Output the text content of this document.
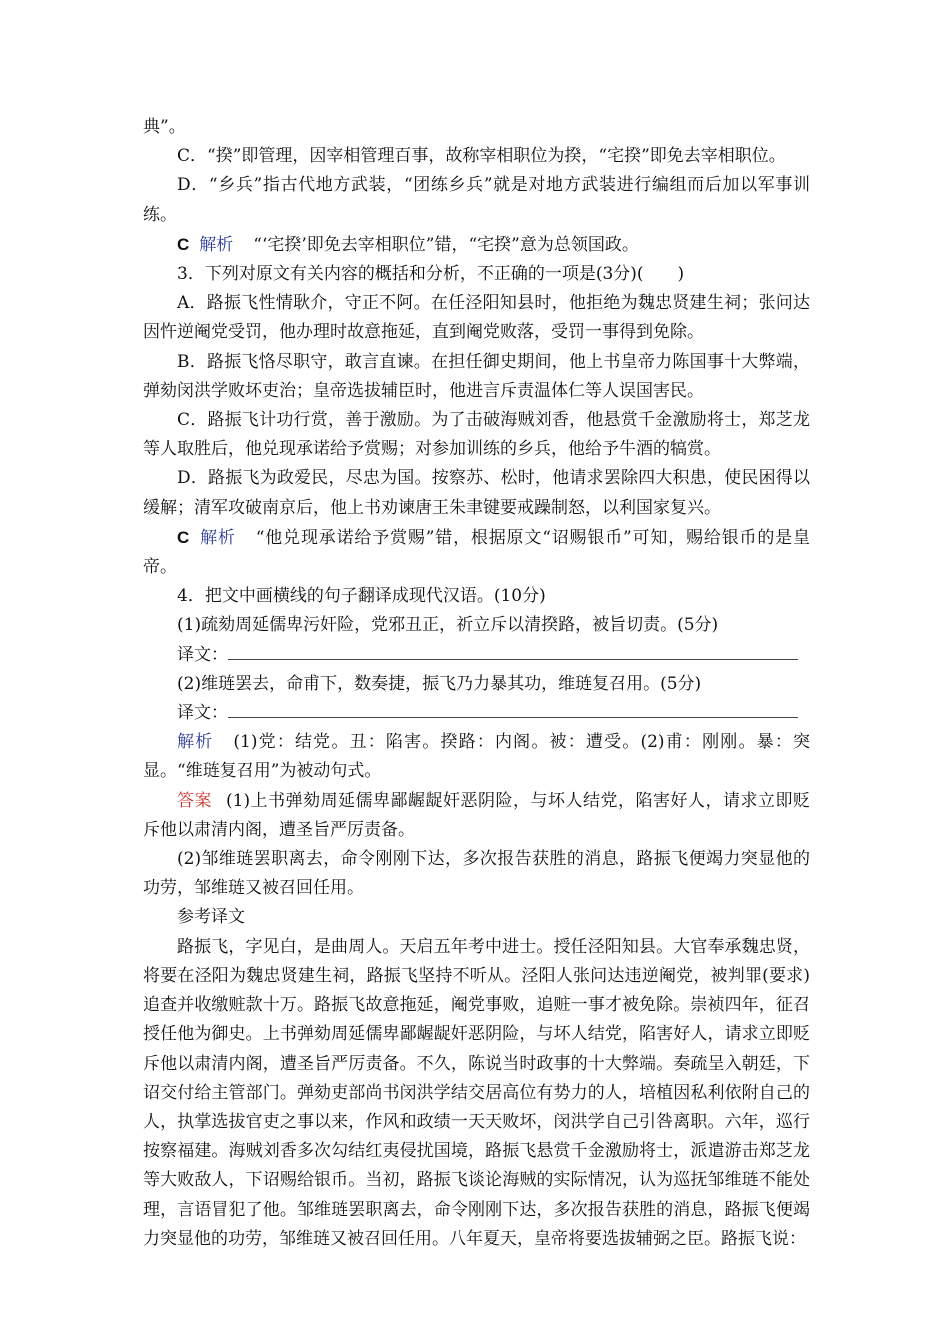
典”。

C．“揆”即管理，因宰相管理百事，故称宰相职位为揆，“宅揆”即免去宰相职位。

D．“乡兵”指古代地方武装，“团练乡兵”就是对地方武装进行编组而后加以军事训练。

C 解析 “‘宅揆’即免去宰相职位”错，“宅揆”意为总领国政。

3．下列对原文有关内容的概括和分析，不正确的一项是(3分)(　　)

A．路振飞性情耿介，守正不阿。在任泾阳知县时，他拒绝为魏忠贤建生祠；张问达因忤逆阉党受罚，他办理时故意拖延，直到阉党败落，受罚一事得到免除。

B．路振飞恪尽职守，敢言直谏。在担任御史期间，他上书皇帝力陈国事十大弊端，弹劾闵洪学败坏吏治；皇帝选拔辅臣时，他进言斥责温体仁等人误国害民。

C．路振飞计功行赏，善于激励。为了击破海贼刘香，他悬赏千金激励将士，郑芝龙等人取胜后，他兑现承诺给予赏赐；对参加训练的乡兵，他给予牛酒的犒赏。

D．路振飞为政爱民，尽忠为国。按察苏、松时，他请求罢除四大积患，使民困得以缓解；清军攻破南京后，他上书劝谏唐王朱聿键要戒躁制怒，以利国家复兴。

C 解析 “他兑现承诺给予赏赐”错，根据原文“诏赐银币”可知，赐给银币的是皇帝。

4．把文中画横线的句子翻译成现代汉语。(10分)

(1)疏劾周延儒卑污奸险，党邪丑正，祈立斥以清揆路，被旨切责。(5分)

译文：

(2)维琏罢去，命甫下，数奏捷，振飞乃力暴其功，维琏复召用。(5分)

译文：

解析 (1)党：结党。丑：陷害。揆路：内阁。被：遭受。(2)甫：刚刚。暴：突显。“维琏复召用”为被动句式。

答案 (1)上书弹劾周延儒卑鄙龌龊奸恶阴险，与坏人结党，陷害好人，请求立即贬斥他以肃清内阁，遭圣旨严厉责备。

(2)邹维琏罢职离去，命令刚刚下达，多次报告获胜的消息，路振飞便竭力突显他的功劳，邹维琏又被召回任用。

参考译文

路振飞，字见白，是曲周人。天启五年考中进士。授任泾阳知县。大官奉承魏忠贤，将要在泾阳为魏忠贤建生祠，路振飞坚持不听从。泾阳人张问达违逆阉党，被判罪(要求)追查并收缴赃款十万。路振飞故意拖延，阉党事败，追赃一事才被免除。崇祯四年，征召授任他为御史。上书弹劾周延儒卑鄙龌龊奸恶阴险，与坏人结党，陷害好人，请求立即贬斥他以肃清内阁，遭圣旨严厉责备。不久，陈说当时政事的十大弊端。奏疏呈入朝廷，下诏交付给主管部门。弹劾吏部尚书闵洪学结交居高位有势力的人，培植因私利依附自己的人，执掌选拔官吏之事以来，作风和政绩一天天败坏，闵洪学自己引咎离职。六年，巡行按察福建。海贼刘香多次勾结红夷侵扰国境，路振飞悬赏千金激励将士，派遣游击郑芝龙等大败敌人，下诏赐给银币。当初，路振飞谈论海贼的实际情况，认为巡抚邹维琏不能处理，言语冒犯了他。邹维琏罢职离去，命令刚刚下达，多次报告获胜的消息，路振飞便竭力突显他的功劳，邹维琏又被召回任用。八年夏天，皇帝将要选拔辅弼之臣。路振飞说：
